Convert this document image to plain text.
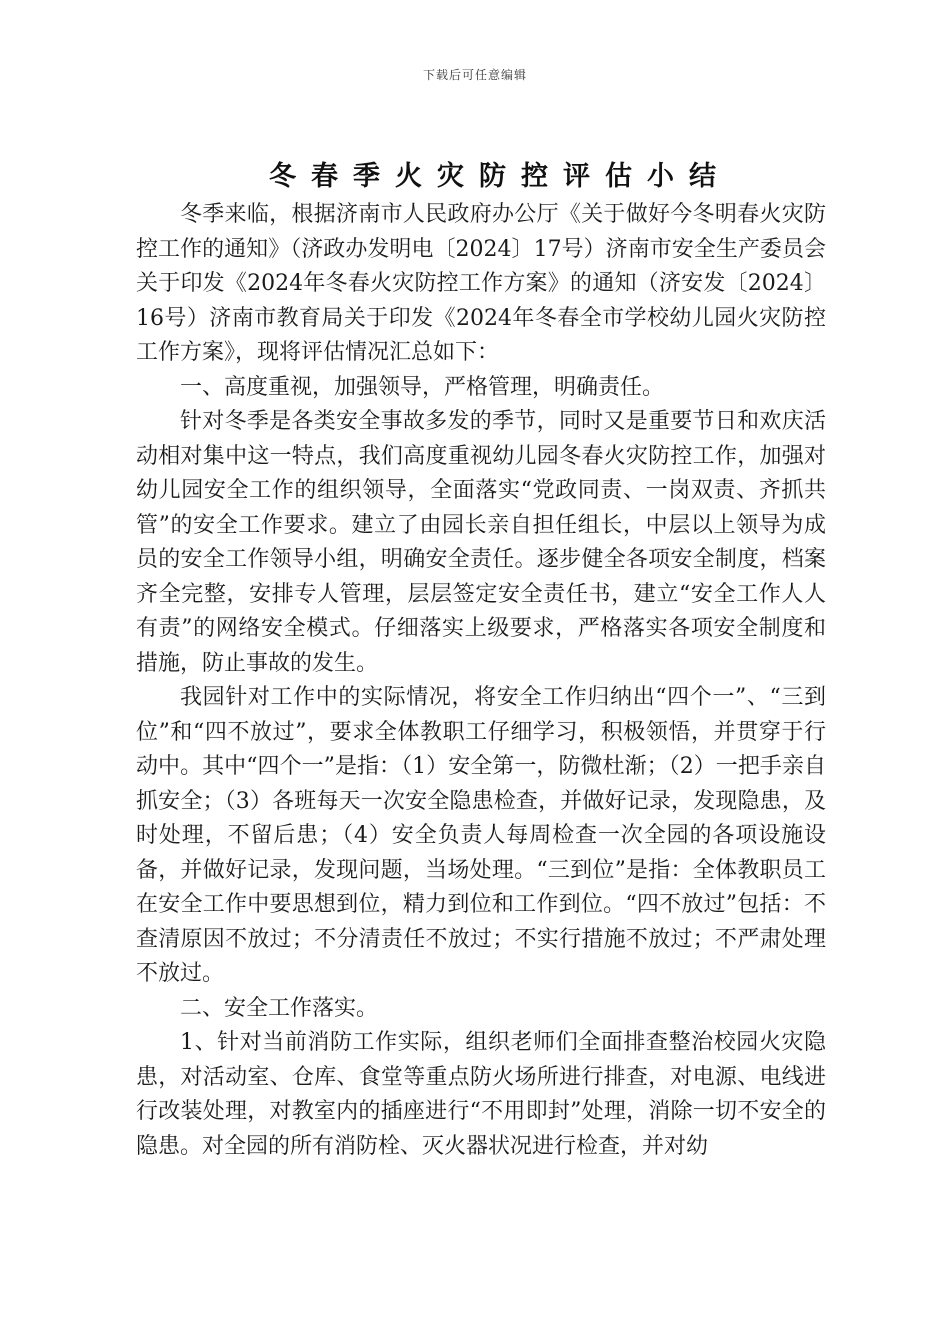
下载后可任意编辑
冬春季火灾防控评估小结

冬季来临，根据济南市人民政府办公厅《关于做好今冬明春火灾防控工作的通知》（济政办发明电〔2024〕17号）济南市安全生产委员会关于印发《2024年冬春火灾防控工作方案》的通知（济安发〔2024〕16号）济南市教育局关于印发《2024年冬春全市学校幼儿园火灾防控工作方案》，现将评估情况汇总如下：

一、高度重视，加强领导，严格管理，明确责任。

针对冬季是各类安全事故多发的季节，同时又是重要节日和欢庆活动相对集中这一特点，我们高度重视幼儿园冬春火灾防控工作，加强对幼儿园安全工作的组织领导，全面落实“党政同责、一岗双责、齐抓共管”的安全工作要求。建立了由园长亲自担任组长，中层以上领导为成员的安全工作领导小组，明确安全责任。逐步健全各项安全制度，档案齐全完整，安排专人管理，层层签定安全责任书，建立“安全工作人人有责”的网络安全模式。仔细落实上级要求，严格落实各项安全制度和措施，防止事故的发生。

我园针对工作中的实际情况，将安全工作归纳出“四个一”、“三到位”和“四不放过”，要求全体教职工仔细学习，积极领悟，并贯穿于行动中。其中“四个一”是指：（1）安全第一，防微杜渐；（2）一把手亲自抓安全；（3）各班每天一次安全隐患检查，并做好记录，发现隐患，及时处理，不留后患；（4）安全负责人每周检查一次全园的各项设施设备，并做好记录，发现问题，当场处理。“三到位”是指：全体教职员工在安全工作中要思想到位，精力到位和工作到位。“四不放过”包括：不查清原因不放过；不分清责任不放过；不实行措施不放过；不严肃处理不放过。

二、安全工作落实。

1、针对当前消防工作实际，组织老师们全面排查整治校园火灾隐患，对活动室、仓库、食堂等重点防火场所进行排查，对电源、电线进行改装处理，对教室内的插座进行“不用即封”处理，消除一切不安全的隐患。对全园的所有消防栓、灭火器状况进行检查，并对幼
